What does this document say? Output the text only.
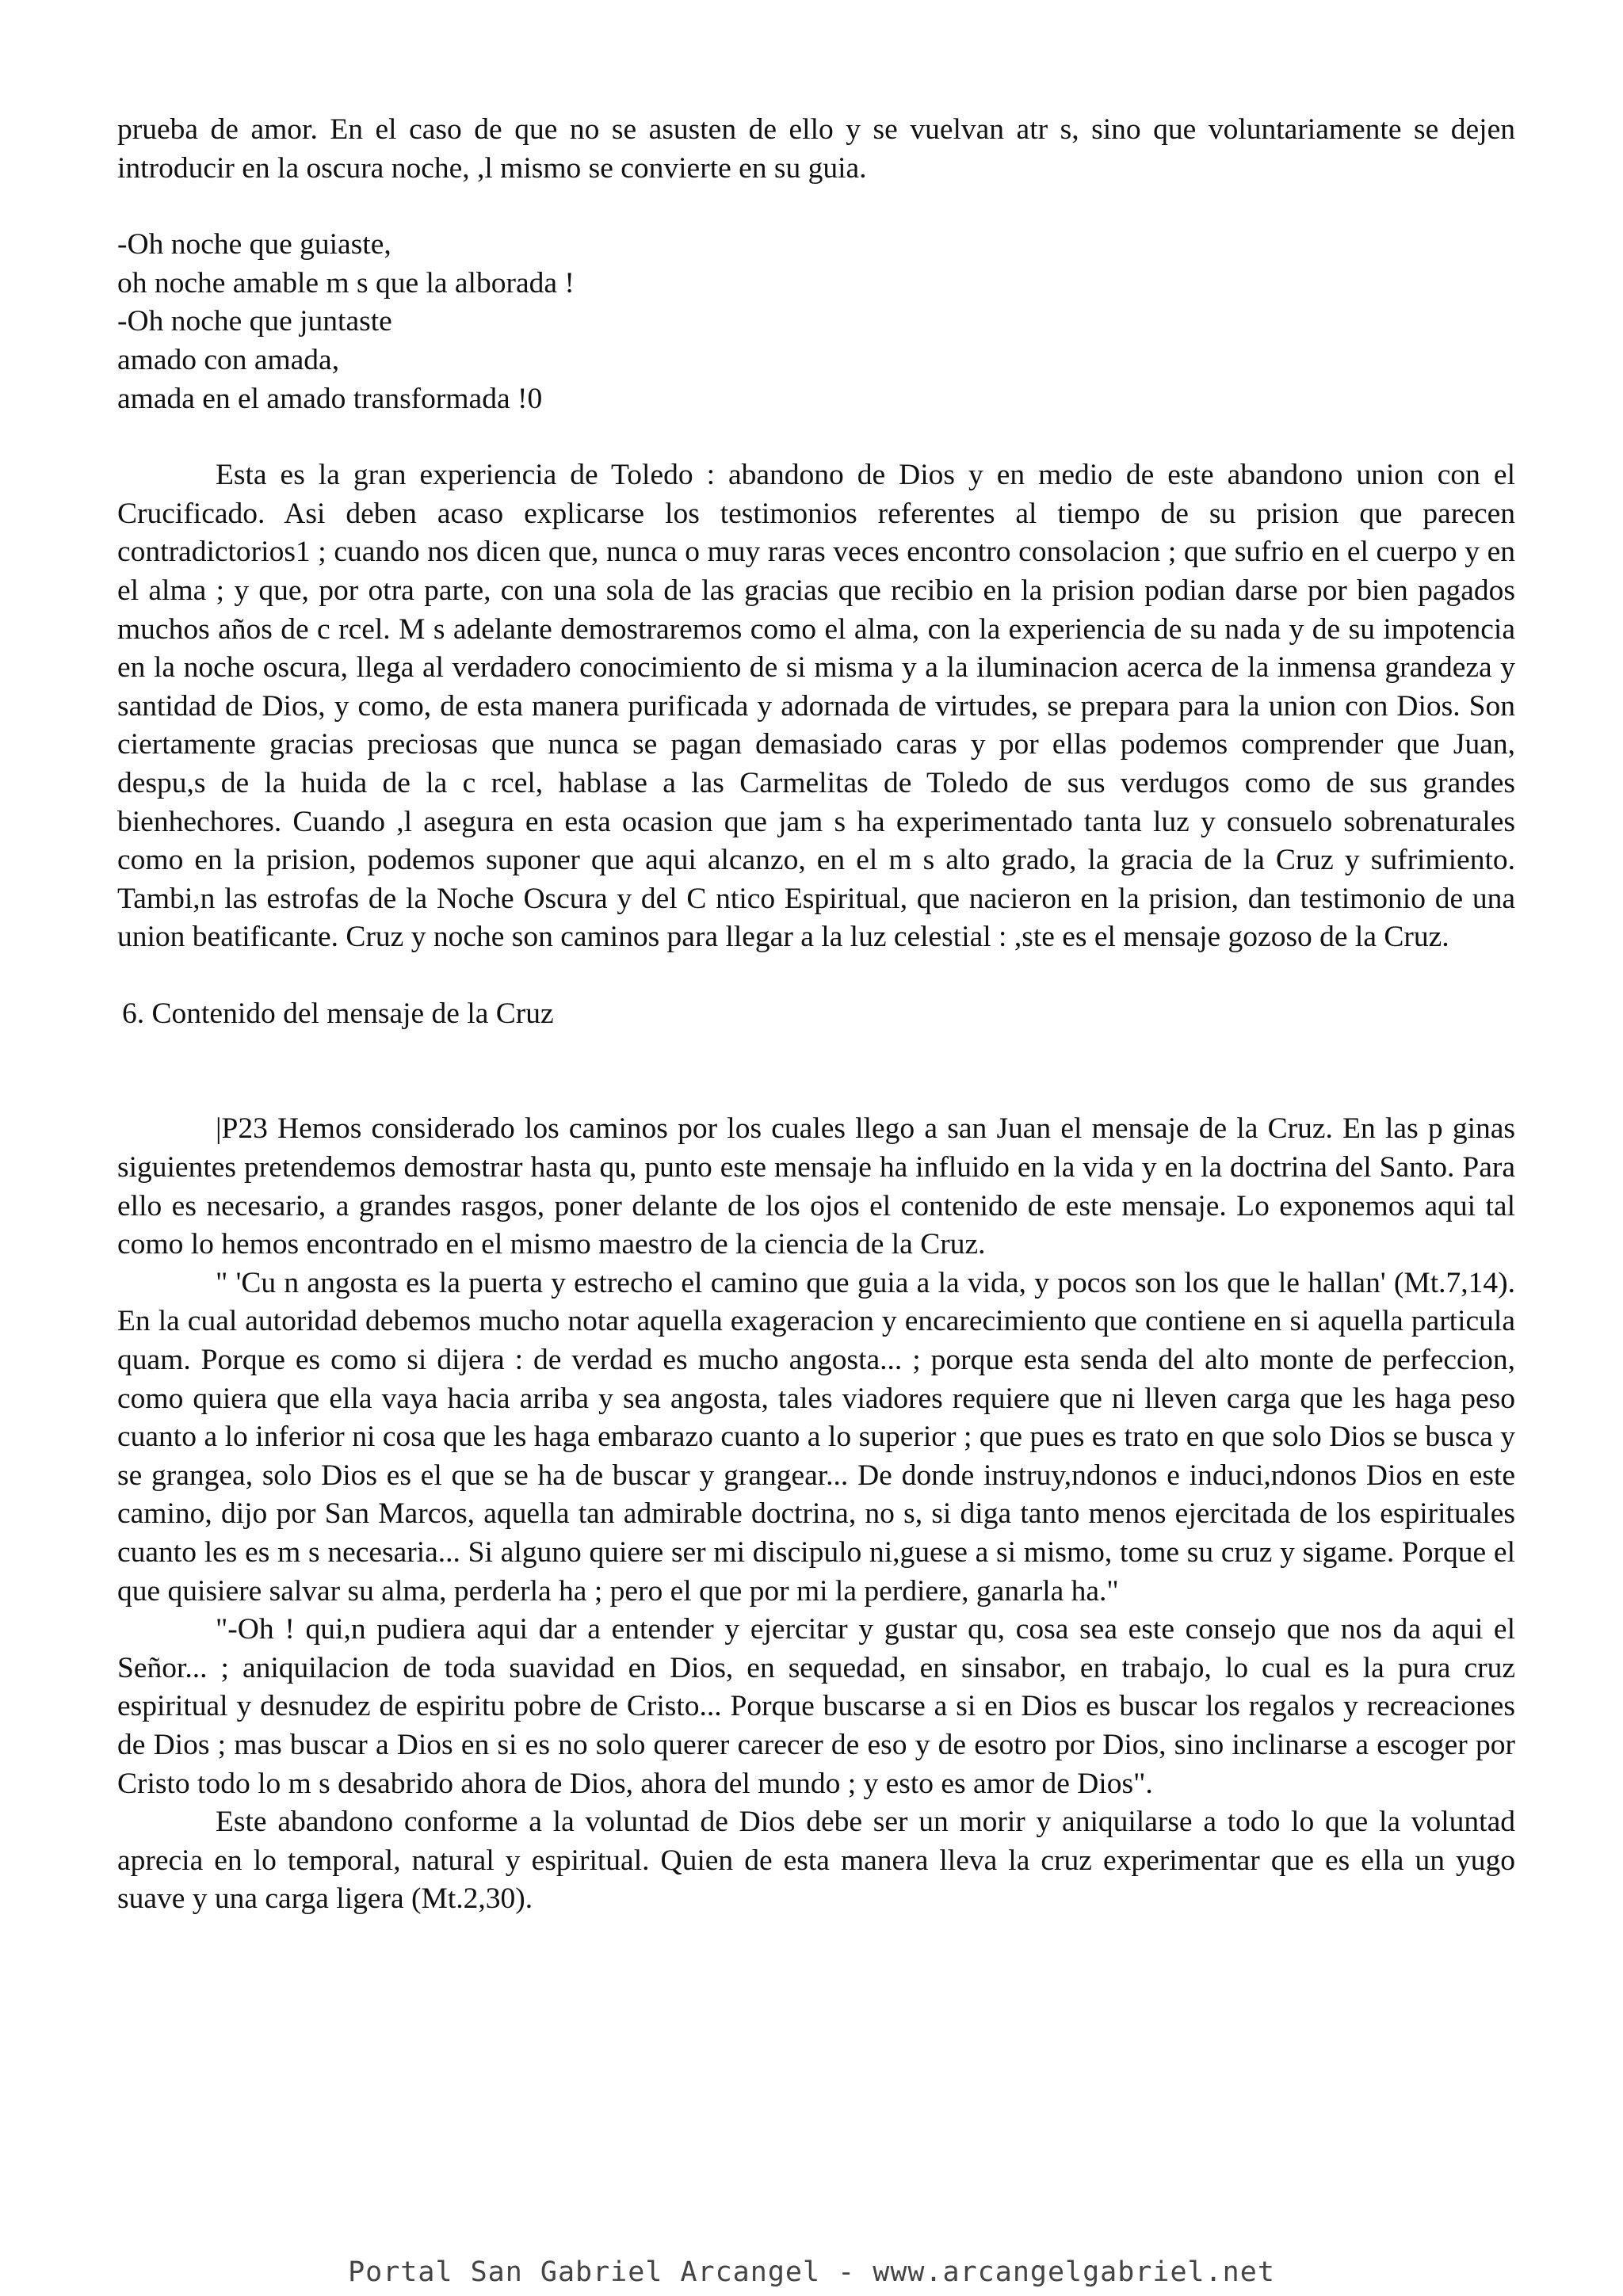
prueba de amor. En el caso de que no se asusten de ello y se vuelvan atr s, sino que voluntariamente se dejen introducir en la oscura noche, ,l mismo se convierte en su guia.

-Oh noche que guiaste,
oh noche amable m s que la alborada !
-Oh noche que juntaste
amado con amada,
amada en el amado transformada !0

Esta es la gran experiencia de Toledo : abandono de Dios y en medio de este abandono union con el Crucificado. Asi deben acaso explicarse los testimonios referentes al tiempo de su prision que parecen contradictorios1 ; cuando nos dicen que, nunca o muy raras veces encontro consolacion ; que sufrio en el cuerpo y en el alma ; y que, por otra parte, con una sola de las gracias que recibio en la prision podian darse por bien pagados muchos años de c rcel. M s adelante demostraremos como el alma, con la experiencia de su nada y de su impotencia en la noche oscura, llega al verdadero conocimiento de si misma y a la iluminacion acerca de la inmensa grandeza y santidad de Dios, y como, de esta manera purificada y adornada de virtudes, se prepara para la union con Dios. Son ciertamente gracias preciosas que nunca se pagan demasiado caras y por ellas podemos comprender que Juan, despu,s de la huida de la c rcel, hablase a las Carmelitas de Toledo de sus verdugos como de sus grandes bienhechores. Cuando ,l asegura en esta ocasion que jam s ha experimentado tanta luz y consuelo sobrenaturales como en la prision, podemos suponer que aqui alcanzo, en el m s alto grado, la gracia de la Cruz y sufrimiento. Tambi,n las estrofas de la Noche Oscura y del C ntico Espiritual, que nacieron en la prision, dan testimonio de una union beatificante. Cruz y noche son caminos para llegar a la luz celestial : ,ste es el mensaje gozoso de la Cruz.

6. Contenido del mensaje de la Cruz

|P23 Hemos considerado los caminos por los cuales llego a san Juan el mensaje de la Cruz. En las p ginas siguientes pretendemos demostrar hasta qu, punto este mensaje ha influido en la vida y en la doctrina del Santo. Para ello es necesario, a grandes rasgos, poner delante de los ojos el contenido de este mensaje. Lo exponemos aqui tal como lo hemos encontrado en el mismo maestro de la ciencia de la Cruz.

" 'Cu n angosta es la puerta y estrecho el camino que guia a la vida, y pocos son los que le hallan' (Mt.7,14). En la cual autoridad debemos mucho notar aquella exageracion y encarecimiento que contiene en si aquella particula quam. Porque es como si dijera : de verdad es mucho angosta... ; porque esta senda del alto monte de perfeccion, como quiera que ella vaya hacia arriba y sea angosta, tales viadores requiere que ni lleven carga que les haga peso cuanto a lo inferior ni cosa que les haga embarazo cuanto a lo superior ; que pues es trato en que solo Dios se busca y se grangea, solo Dios es el que se ha de buscar y grangear... De donde instruy,ndonos e induci,ndonos Dios en este camino, dijo por San Marcos, aquella tan admirable doctrina, no s, si diga tanto menos ejercitada de los espirituales cuanto les es m s necesaria... Si alguno quiere ser mi discipulo ni,guese a si mismo, tome su cruz y sigame. Porque el que quisiere salvar su alma, perderla ha ; pero el que por mi la perdiere, ganarla ha."

"-Oh ! qui,n pudiera aqui dar a entender y ejercitar y gustar qu, cosa sea este consejo que nos da aqui el Señor... ; aniquilacion de toda suavidad en Dios, en sequedad, en sinsabor, en trabajo, lo cual es la pura cruz espiritual y desnudez de espiritu pobre de Cristo... Porque buscarse a si en Dios es buscar los regalos y recreaciones de Dios ; mas buscar a Dios en si es no solo querer carecer de eso y de esotro por Dios, sino inclinarse a escoger por Cristo todo lo m s desabrido ahora de Dios, ahora del mundo ; y esto es amor de Dios".

Este abandono conforme a la voluntad de Dios debe ser un morir y aniquilarse a todo lo que la voluntad aprecia en lo temporal, natural y espiritual. Quien de esta manera lleva la cruz experimentar que es ella un yugo suave y una carga ligera (Mt.2,30).

Portal San Gabriel Arcangel - www.arcangelgabriel.net
